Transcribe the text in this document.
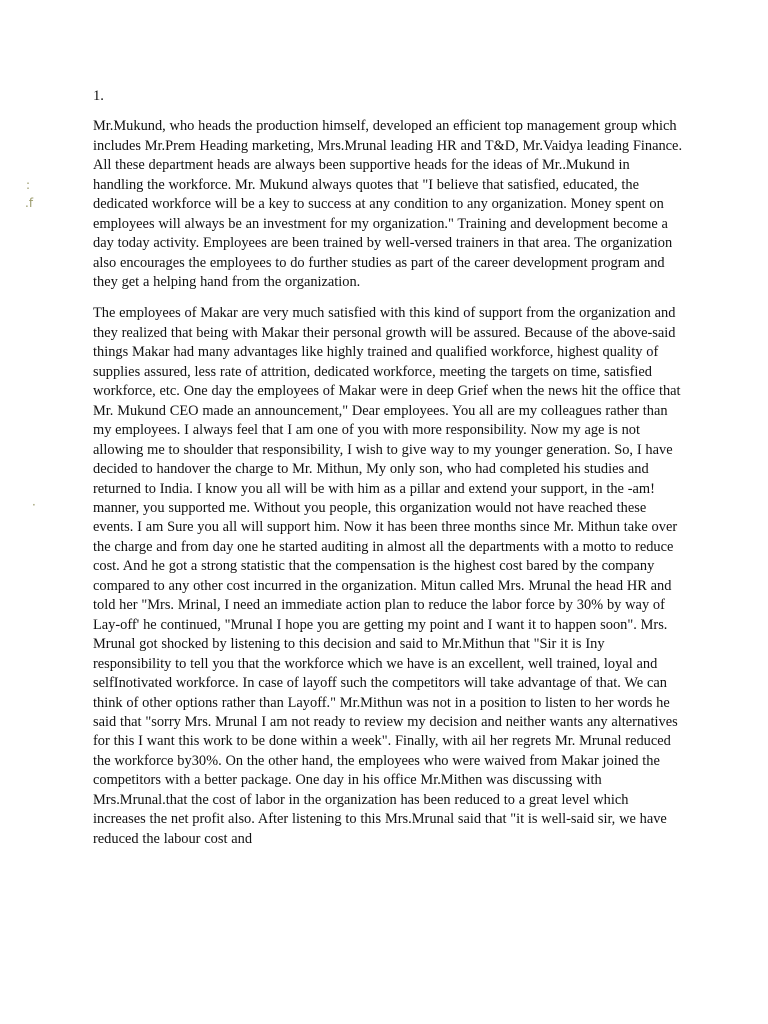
:
.f
·
1.

Mr.Mukund, who heads the production himself, developed an efficient top management group which includes Mr.Prem Heading marketing, Mrs.Mrunal leading HR and T&D, Mr.Vaidya leading Finance. All these department heads are always been supportive heads for the ideas of Mr..Mukund in handling the workforce. Mr. Mukund always quotes that "I believe that satisfied, educated, the dedicated workforce will be a key to success at any condition to any organization. Money spent on employees will always be an investment for my organization." Training and development become a day today activity. Employees are been trained by well-versed trainers in that area. The organization also encourages the employees to do further studies as part of the career development program and they get a helping hand from the organization.

The employees of Makar are very much satisfied with this kind of support from the organization and they realized that being with Makar their personal growth will be assured. Because of the above-said things Makar had many advantages like highly trained and qualified workforce, highest quality of supplies assured, less rate of attrition, dedicated workforce, meeting the targets on time, satisfied workforce, etc. One day the employees of Makar were in deep Grief when the news hit the office that Mr. Mukund CEO made an announcement," Dear employees. You all are my colleagues rather than my employees. I always feel that I am one of you with more responsibility. Now my age is not allowing me to shoulder that responsibility, I wish to give way to my younger generation. So, I have decided to handover the charge to Mr. Mithun, My only son, who had completed his studies and returned to India. I know you all will be with him as a pillar and extend your support, in the -am! manner, you supported me. Without you people, this organization would not have reached these events. I am Sure you all will support him. Now it has been three months since Mr. Mithun take over the charge and from day one he started auditing in almost all the departments with a motto to reduce cost. And he got a strong statistic that the compensation is the highest cost bared by the company compared to any other cost incurred in the organization. Mitun called Mrs. Mrunal the head HR and told her "Mrs. Mrinal, I need an immediate action plan to reduce the labor force by 30% by way of Lay-off' he continued, "Mrunal I hope you are getting my point and I want it to happen soon". Mrs. Mrunal got shocked by listening to this decision and said to Mr.Mithun that "Sir it is Iny responsibility to tell you that the workforce which we have is an excellent, well trained, loyal and selfInotivated workforce. In case of layoff such the competitors will take advantage of that. We can think of other options rather than Layoff." Mr.Mithun was not in a position to listen to her words he said that "sorry Mrs. Mrunal I am not ready to review my decision and neither wants any alternatives for this I want this work to be done within a week". Finally, with ail her regrets Mr. Mrunal reduced the workforce by30%. On the other hand, the employees who were waived from Makar joined the competitors with a better package. One day in his office Mr.Mithen was discussing with Mrs.Mrunal.that the cost of labor in the organization has been reduced to a great level which increases the net profit also. After listening to this Mrs.Mrunal said that "it is well-said sir, we have reduced the labour cost and
